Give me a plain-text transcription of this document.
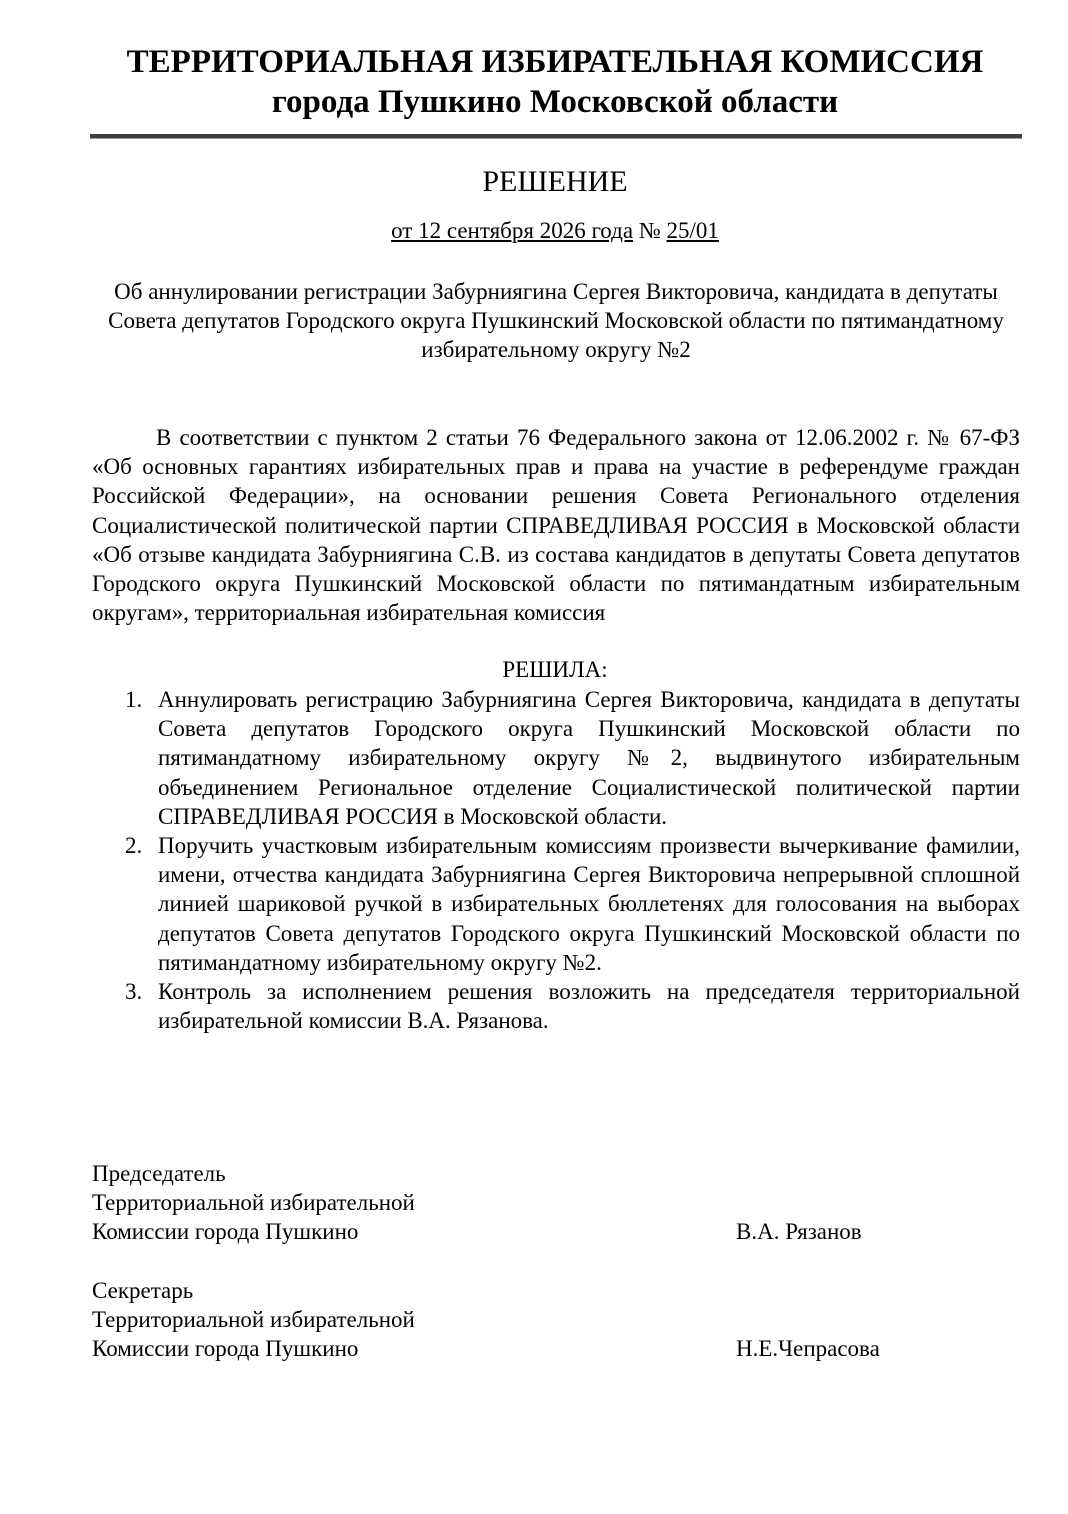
ТЕРРИТОРИАЛЬНАЯ ИЗБИРАТЕЛЬНАЯ КОМИССИЯ
города Пушкино Московской области
РЕШЕНИЕ
от 12 сентября 2026 года № 25/01
Об аннулировании регистрации Забурниягина Сергея Викторовича, кандидата в депутаты Совета депутатов Городского округа Пушкинский Московской области по пятимандатному избирательному округу №2
В соответствии с пунктом 2 статьи 76 Федерального закона от 12.06.2002 г. № 67-ФЗ «Об основных гарантиях избирательных прав и права на участие в референдуме граждан Российской Федерации», на основании решения Совета Регионального отделения Социалистической политической партии СПРАВЕДЛИВАЯ РОССИЯ в Московской области «Об отзыве кандидата Забурниягина С.В. из состава кандидатов в депутаты Совета депутатов Городского округа Пушкинский Московской области по пятимандатным избирательным округам», территориальная избирательная комиссия
РЕШИЛА:
1. Аннулировать регистрацию Забурниягина Сергея Викторовича, кандидата в депутаты Совета депутатов Городского округа Пушкинский Московской области по пятимандатному избирательному округу №2, выдвинутого избирательным объединением Региональное отделение Социалистической политической партии СПРАВЕДЛИВАЯ РОССИЯ в Московской области.
2. Поручить участковым избирательным комиссиям произвести вычеркивание фамилии, имени, отчества кандидата Забурниягина Сергея Викторовича непрерывной сплошной линией шариковой ручкой в избирательных бюллетенях для голосования на выборах депутатов Совета депутатов Городского округа Пушкинский Московской области по пятимандатному избирательному округу №2.
3. Контроль за исполнением решения возложить на председателя территориальной избирательной комиссии В.А. Рязанова.
Председатель
Территориальной избирательной
Комиссии города Пушкино	В.А. Рязанов
Секретарь
Территориальной избирательной
Комиссии города Пушкино	Н.Е.Чепрасова
